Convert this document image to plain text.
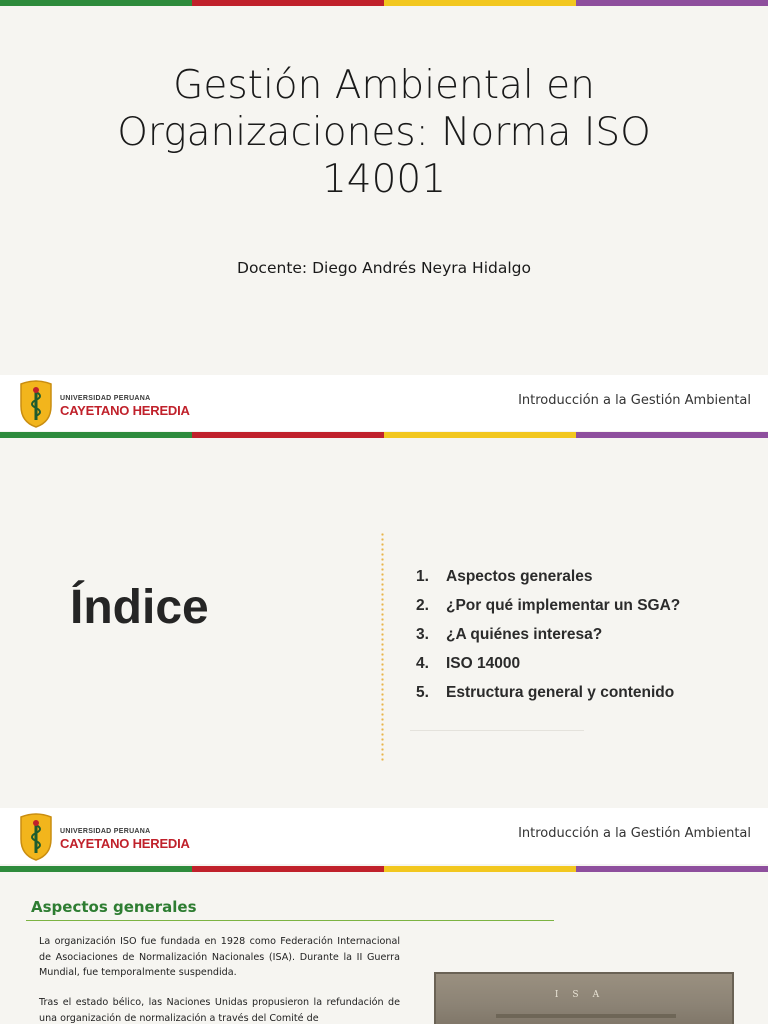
Gestión Ambiental en Organizaciones: Norma ISO 14001
Docente: Diego Andrés Neyra Hidalgo
UNIVERSIDAD PERUANA
CAYETANO HEREDIA
Introducción a la Gestión Ambiental
Índice
1.	Aspectos generales
2.	¿Por qué implementar un SGA?
3.	¿A quiénes interesa?
4.	ISO 14000
5.	Estructura general y contenido
UNIVERSIDAD PERUANA
CAYETANO HEREDIA
Introducción a la Gestión Ambiental
Aspectos generales

La organización ISO fue fundada en 1928 como Federación Internacional de Asociaciones de Normalización Nacionales (ISA). Durante la II Guerra Mundial, fue temporalmente suspendida.

Tras el estado bélico, las Naciones Unidas propusieron la refundación de una organización de normalización a través del Comité de

ISA
